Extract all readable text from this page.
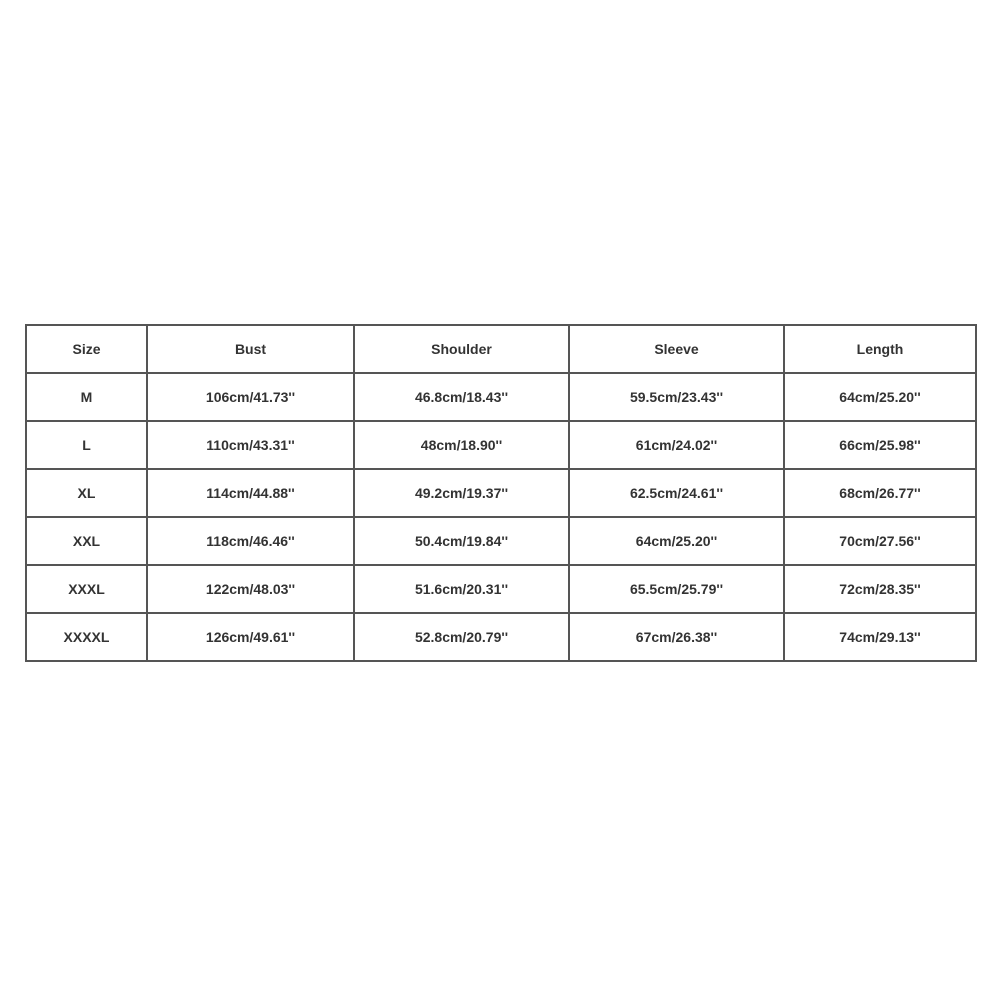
Size	Bust	Shoulder	Sleeve	Length
M	106cm/41.73''	46.8cm/18.43''	59.5cm/23.43''	64cm/25.20''
L	110cm/43.31''	48cm/18.90''	61cm/24.02''	66cm/25.98''
XL	114cm/44.88''	49.2cm/19.37''	62.5cm/24.61''	68cm/26.77''
XXL	118cm/46.46''	50.4cm/19.84''	64cm/25.20''	70cm/27.56''
XXXL	122cm/48.03''	51.6cm/20.31''	65.5cm/25.79''	72cm/28.35''
XXXXL	126cm/49.61''	52.8cm/20.79''	67cm/26.38''	74cm/29.13''
